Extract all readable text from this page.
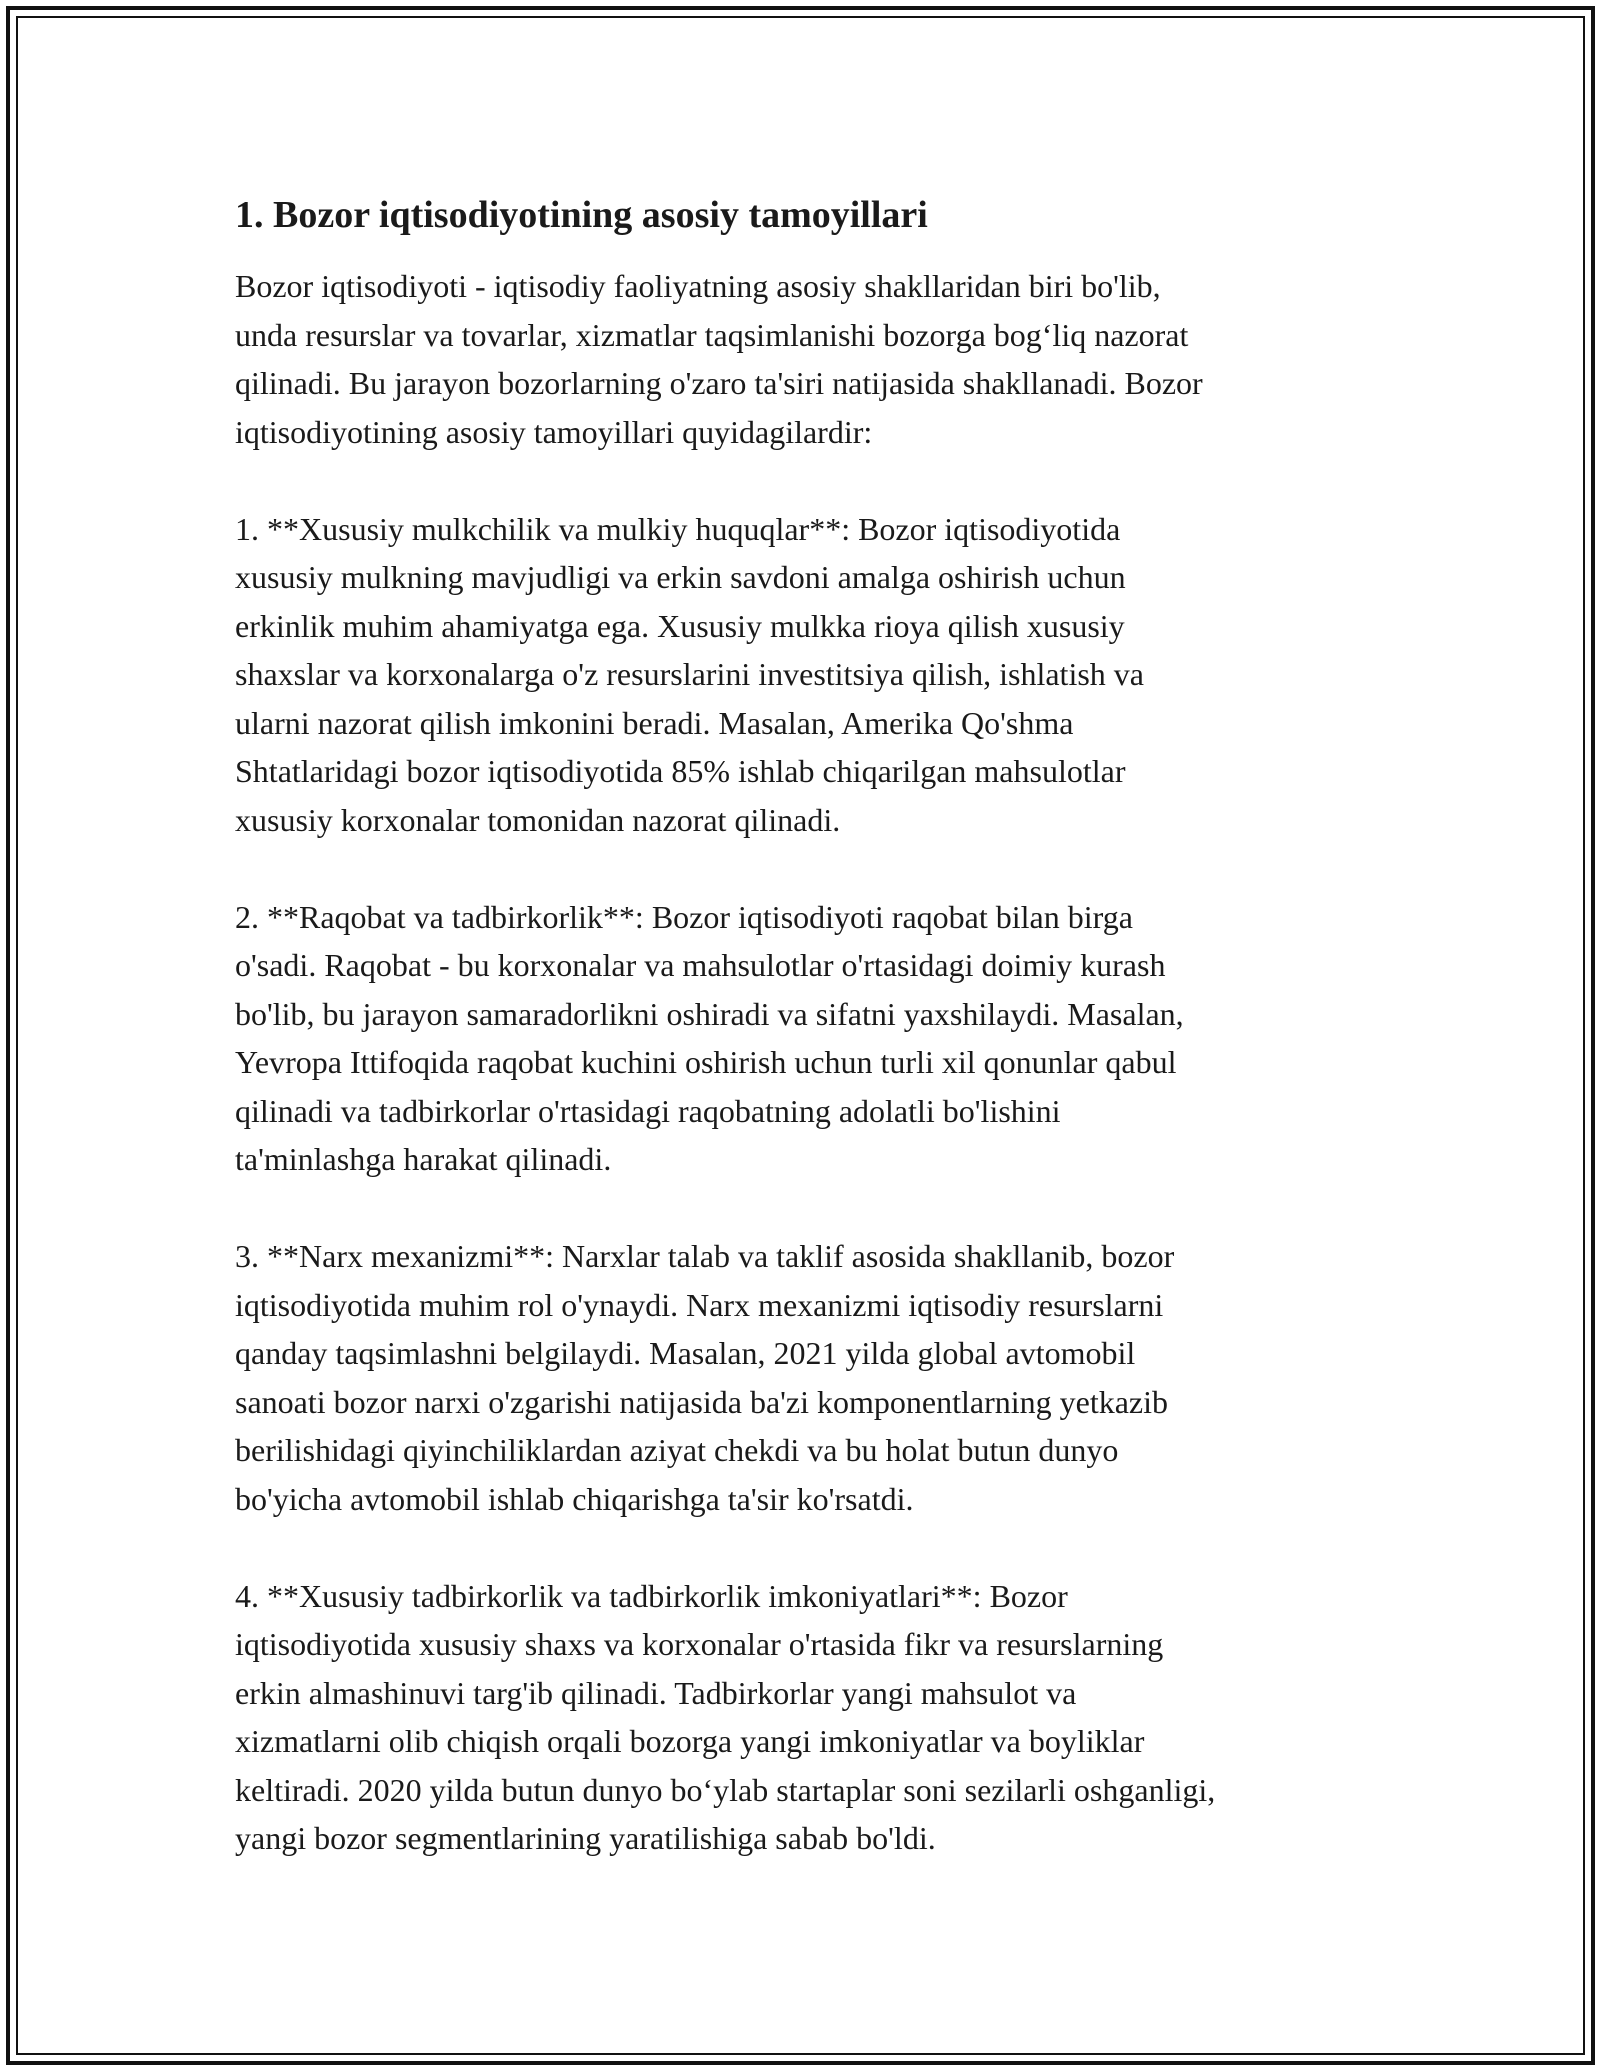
1. Bozor iqtisodiyotining asosiy tamoyillari

Bozor iqtisodiyoti - iqtisodiy faoliyatning asosiy shakllaridan biri bo'lib,
unda resurslar va tovarlar, xizmatlar taqsimlanishi bozorga bog‘liq nazorat
qilinadi. Bu jarayon bozorlarning o'zaro ta'siri natijasida shakllanadi. Bozor
iqtisodiyotining asosiy tamoyillari quyidagilardir:

1. **Xususiy mulkchilik va mulkiy huquqlar**: Bozor iqtisodiyotida
xususiy mulkning mavjudligi va erkin savdoni amalga oshirish uchun
erkinlik muhim ahamiyatga ega. Xususiy mulkka rioya qilish xususiy
shaxslar va korxonalarga o'z resurslarini investitsiya qilish, ishlatish va
ularni nazorat qilish imkonini beradi. Masalan, Amerika Qo'shma
Shtatlaridagi bozor iqtisodiyotida 85% ishlab chiqarilgan mahsulotlar
xususiy korxonalar tomonidan nazorat qilinadi.

2. **Raqobat va tadbirkorlik**: Bozor iqtisodiyoti raqobat bilan birga
o'sadi. Raqobat - bu korxonalar va mahsulotlar o'rtasidagi doimiy kurash
bo'lib, bu jarayon samaradorlikni oshiradi va sifatni yaxshilaydi. Masalan,
Yevropa Ittifoqida raqobat kuchini oshirish uchun turli xil qonunlar qabul
qilinadi va tadbirkorlar o'rtasidagi raqobatning adolatli bo'lishini
ta'minlashga harakat qilinadi.

3. **Narx mexanizmi**: Narxlar talab va taklif asosida shakllanib, bozor
iqtisodiyotida muhim rol o'ynaydi. Narx mexanizmi iqtisodiy resurslarni
qanday taqsimlashni belgilaydi. Masalan, 2021 yilda global avtomobil
sanoati bozor narxi o'zgarishi natijasida ba'zi komponentlarning yetkazib
berilishidagi qiyinchiliklardan aziyat chekdi va bu holat butun dunyo
bo'yicha avtomobil ishlab chiqarishga ta'sir ko'rsatdi.

4. **Xususiy tadbirkorlik va tadbirkorlik imkoniyatlari**: Bozor
iqtisodiyotida xususiy shaxs va korxonalar o'rtasida fikr va resurslarning
erkin almashinuvi targ'ib qilinadi. Tadbirkorlar yangi mahsulot va
xizmatlarni olib chiqish orqali bozorga yangi imkoniyatlar va boyliklar
keltiradi. 2020 yilda butun dunyo bo‘ylab startaplar soni sezilarli oshganligi,
yangi bozor segmentlarining yaratilishiga sabab bo'ldi.
